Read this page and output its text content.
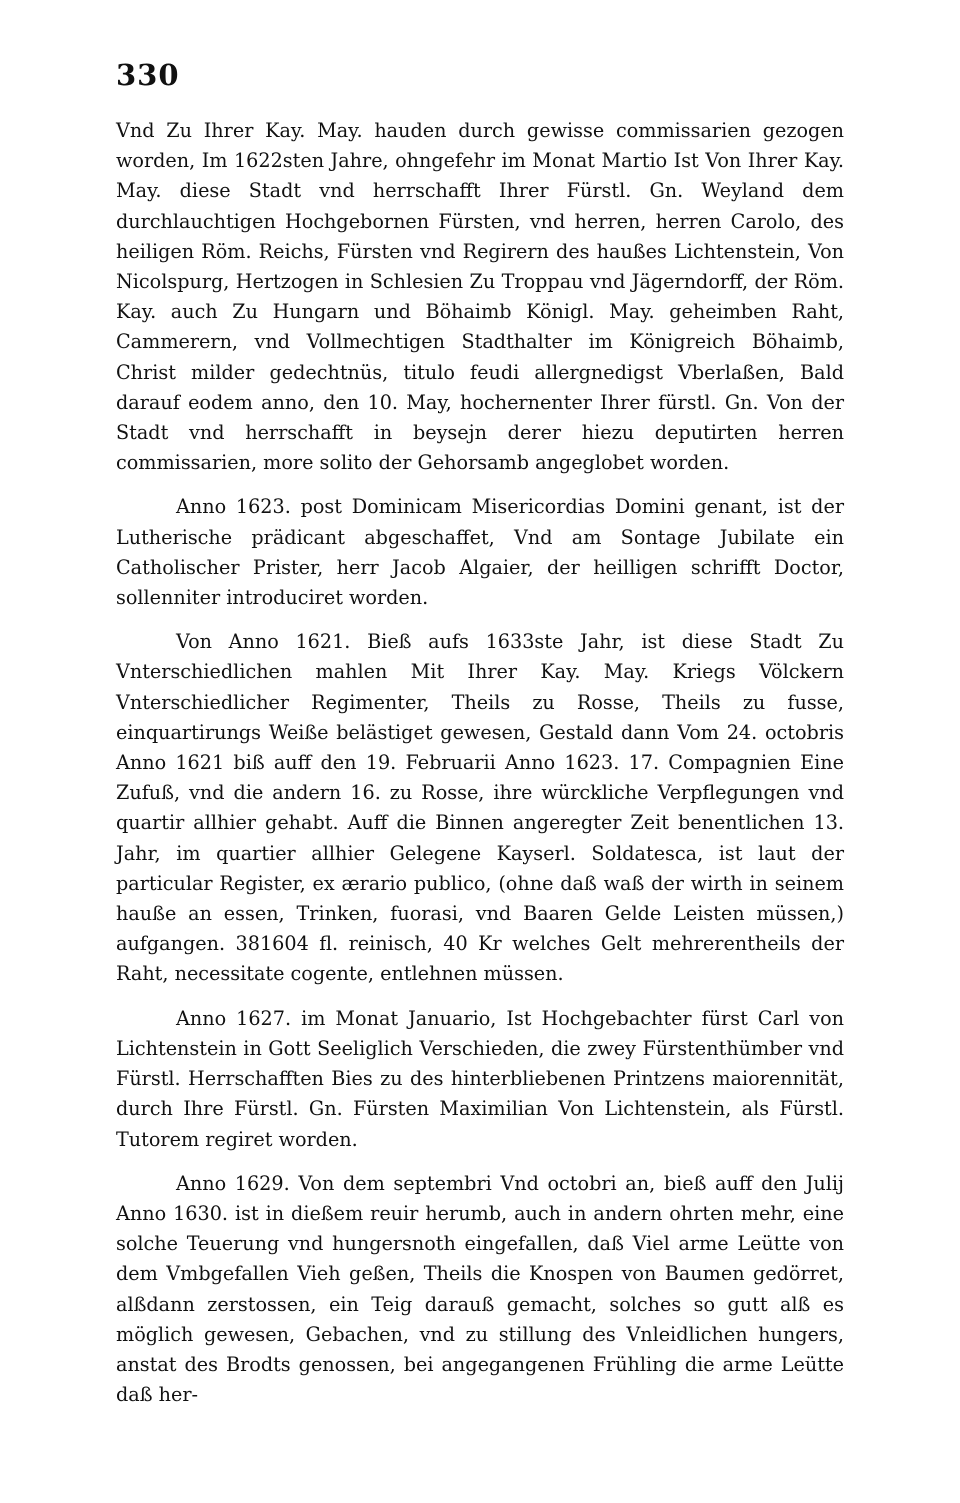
330

Vnd Zu Ihrer Kay. May. hauden durch gewisse commissarien gezogen worden, Im 1622sten Jahre, ohngefehr im Monat Martio Ist Von Ihrer Kay. May. diese Stadt vnd herrschafft Ihrer Fürstl. Gn. Weyland dem durchlauchtigen Hochgebornen Fürsten, vnd herren, herren Carolo, des heiligen Röm. Reichs, Fürsten vnd Regirern des haußes Lichtenstein, Von Nicolspurg, Hertzogen in Schlesien Zu Troppau vnd Jägerndorff, der Röm. Kay. auch Zu Hungarn und Böhaimb Königl. May. geheimben Raht, Cammerern, vnd Vollmechtigen Stadthalter im Königreich Böhaimb, Christ milder gedechtnüs, titulo feudi allergnedigst Vberlaßen, Bald darauf eodem anno, den 10. May, hochernenter Ihrer fürstl. Gn. Von der Stadt vnd herrschafft in beysejn derer hiezu deputirten herren commissarien, more solito der Gehorsamb angeglobet worden.

Anno 1623. post Dominicam Misericordias Domini genant, ist der Lutherische prädicant abgeschaffet, Vnd am Sontage Jubilate ein Catholischer Prister, herr Jacob Algaier, der heilligen schrifft Doctor, sollenniter introduciret worden.

Von Anno 1621. Bieß aufs 1633ste Jahr, ist diese Stadt Zu Vnterschiedlichen mahlen Mit Ihrer Kay. May. Kriegs Völckern Vnterschiedlicher Regimenter, Theils zu Rosse, Theils zu fusse, einquartirungs Weiße belästiget gewesen, Gestald dann Vom 24. octobris Anno 1621 biß auff den 19. Februarii Anno 1623. 17. Compagnien Eine Zufuß, vnd die andern 16. zu Rosse, ihre würckliche Verpflegungen vnd quartir allhier gehabt. Auff die Binnen angeregter Zeit benentlichen 13. Jahr, im quartier allhier Gelegene Kayserl. Soldatesca, ist laut der particular Register, ex ærario publico, (ohne daß waß der wirth in seinem hauße an essen, Trinken, fuorasi, vnd Baaren Gelde Leisten müssen,) aufgangen. 381604 fl. reinisch, 40 Kr welches Gelt mehrerentheils der Raht, necessitate cogente, entlehnen müssen.

Anno 1627. im Monat Januario, Ist Hochgebachter fürst Carl von Lichtenstein in Gott Seeliglich Verschieden, die zwey Fürstenthümber vnd Fürstl. Herrschafften Bies zu des hinterbliebenen Printzens maiorennität, durch Ihre Fürstl. Gn. Fürsten Maximilian Von Lichtenstein, als Fürstl. Tutorem regiret worden.

Anno 1629. Von dem septembri Vnd octobri an, bieß auff den Julij Anno 1630. ist in dießem reuir herumb, auch in andern ohrten mehr, eine solche Teuerung vnd hungersnoth eingefallen, daß Viel arme Leütte von dem Vmbgefallen Vieh geßen, Theils die Knospen von Baumen gedörret, alßdann zerstossen, ein Teig darauß gemacht, solches so gutt alß es möglich gewesen, Gebachen, vnd zu stillung des Vnleidlichen hungers, anstat des Brodts genossen, bei angegangenen Frühling die arme Leütte daß her-
